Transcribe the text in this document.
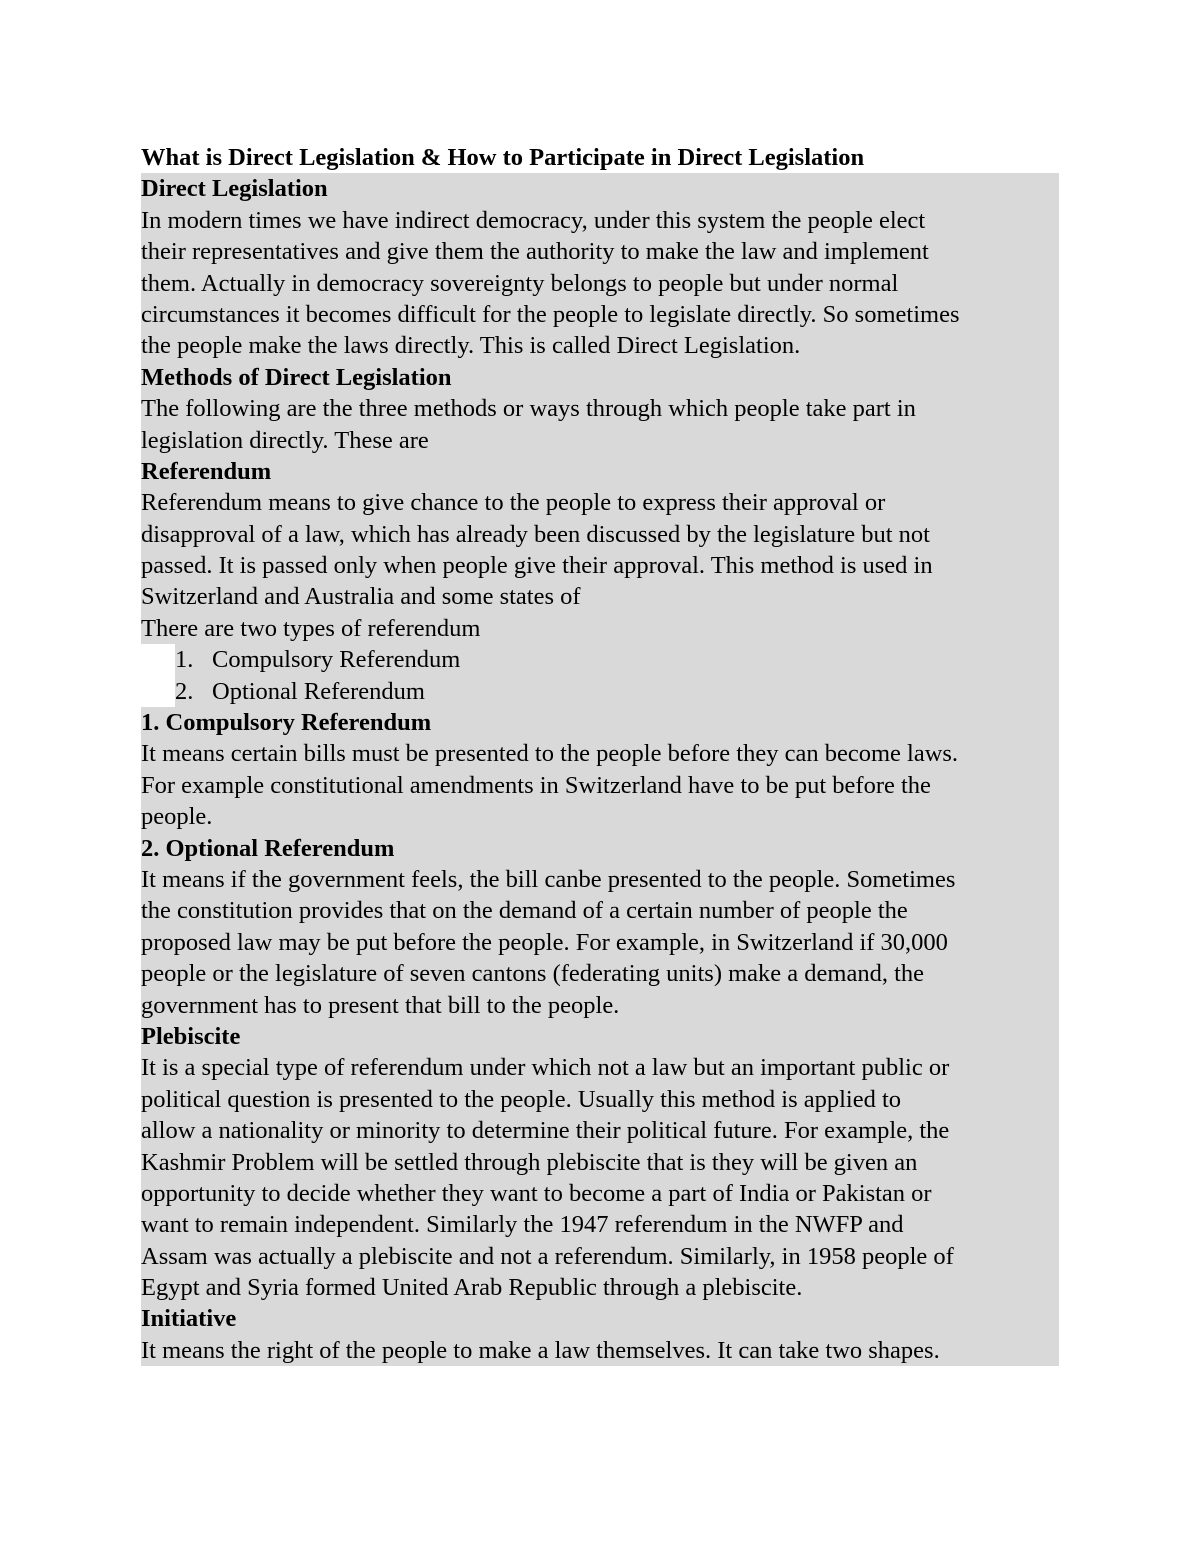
What is Direct Legislation & How to Participate in Direct Legislation
Direct Legislation
In modern times we have indirect democracy, under this system the people elect
their representatives and give them the authority to make the law and implement
them. Actually in democracy sovereignty belongs to people but under normal
circumstances it becomes difficult for the people to legislate directly. So sometimes
the people make the laws directly. This is called Direct Legislation.
Methods of Direct Legislation
The following are the three methods or ways through which people take part in
legislation directly. These are
Referendum
Referendum means to give chance to the people to express their approval or
disapproval of a law, which has already been discussed by the legislature but not
passed. It is passed only when people give their approval. This method is used in
Switzerland and Australia and some states of
There are two types of referendum
1. Compulsory Referendum
2. Optional Referendum
1. Compulsory Referendum
It means certain bills must be presented to the people before they can become laws.
For example constitutional amendments in Switzerland have to be put before the
people.
2. Optional Referendum
It means if the government feels, the bill canbe presented to the people. Sometimes
the constitution provides that on the demand of a certain number of people the
proposed law may be put before the people. For example, in Switzerland if 30,000
people or the legislature of seven cantons (federating units) make a demand, the
government has to present that bill to the people.
Plebiscite
It is a special type of referendum under which not a law but an important public or
political question is presented to the people. Usually this method is applied to
allow a nationality or minority to determine their political future. For example, the
Kashmir Problem will be settled through plebiscite that is they will be given an
opportunity to decide whether they want to become a part of India or Pakistan or
want to remain independent. Similarly the 1947 referendum in the NWFP and
Assam was actually a plebiscite and not a referendum. Similarly, in 1958 people of
Egypt and Syria formed United Arab Republic through a plebiscite.
Initiative
It means the right of the people to make a law themselves. It can take two shapes.
